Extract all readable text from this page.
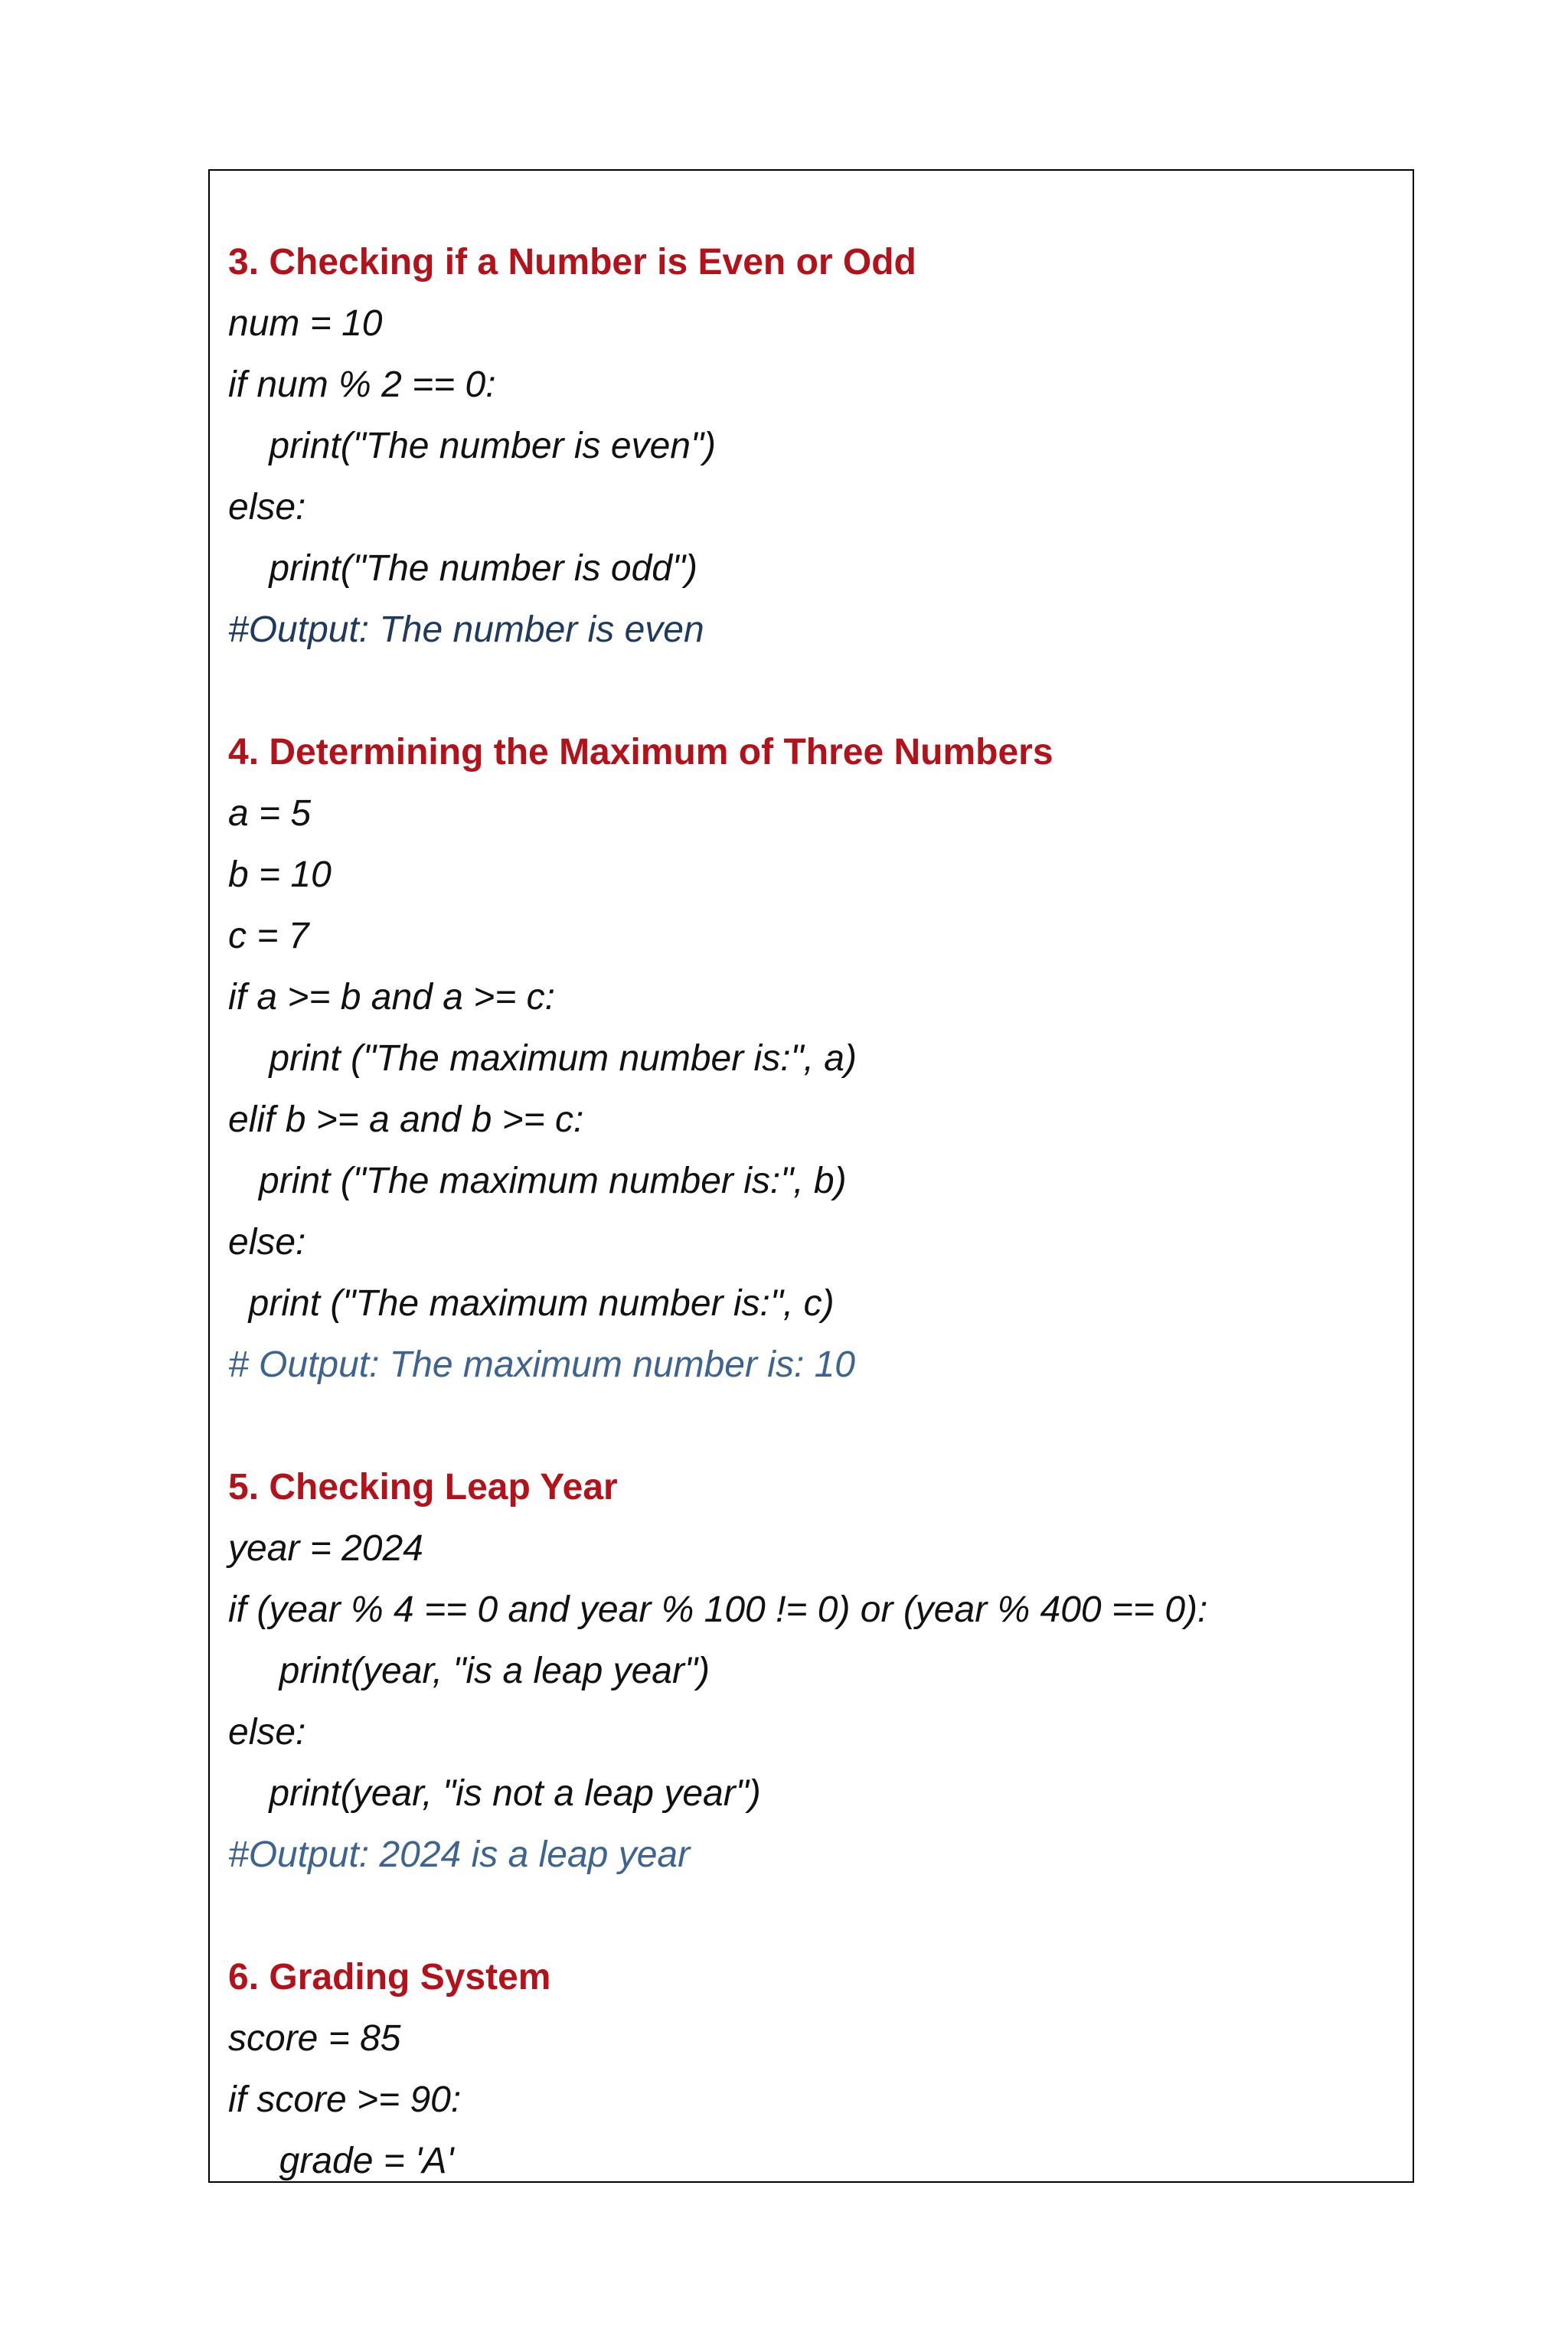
3. Checking if a Number is Even or Odd
num = 10
if num % 2 == 0:
print("The number is even")
else:
print("The number is odd")
#Output: The number is even
4. Determining the Maximum of Three Numbers
a = 5
b = 10
c = 7
if a >= b and a >= c:
print ("The maximum number is:", a)
elif b >= a and b >= c:
print ("The maximum number is:", b)
else:
print ("The maximum number is:", c)
# Output: The maximum number is: 10
5. Checking Leap Year
year = 2024
if (year % 4 == 0 and year % 100 != 0) or (year % 400 == 0):
print(year, "is a leap year")
else:
print(year, "is not a leap year")
#Output: 2024 is a leap year
6. Grading System
score = 85
if score >= 90:
grade = 'A'
